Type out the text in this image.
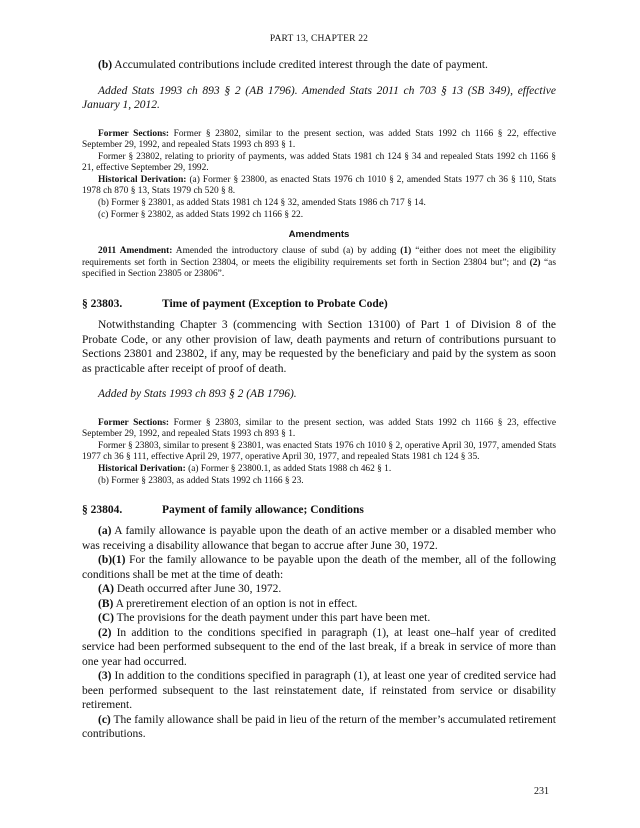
PART 13, CHAPTER 22

(b) Accumulated contributions include credited interest through the date of payment.

Added Stats 1993 ch 893 § 2 (AB 1796). Amended Stats 2011 ch 703 § 13 (SB 349), effective January 1, 2012.

Former Sections: Former § 23802, similar to the present section, was added Stats 1992 ch 1166 § 22, effective September 29, 1992, and repealed Stats 1993 ch 893 § 1.

Former § 23802, relating to priority of payments, was added Stats 1981 ch 124 § 34 and repealed Stats 1992 ch 1166 § 21, effective September 29, 1992.

Historical Derivation: (a) Former § 23800, as enacted Stats 1976 ch 1010 § 2, amended Stats 1977 ch 36 § 110, Stats 1978 ch 870 § 13, Stats 1979 ch 520 § 8.

(b) Former § 23801, as added Stats 1981 ch 124 § 32, amended Stats 1986 ch 717 § 14.

(c) Former § 23802, as added Stats 1992 ch 1166 § 22.

Amendments

2011 Amendment: Amended the introductory clause of subd (a) by adding (1) “either does not meet the eligibility requirements set forth in Section 23804, or meets the eligibility requirements set forth in Section 23804 but”; and (2) “as specified in Section 23805 or 23806”.

§ 23803.	Time of payment (Exception to Probate Code)

Notwithstanding Chapter 3 (commencing with Section 13100) of Part 1 of Division 8 of the Probate Code, or any other provision of law, death payments and return of contributions pursuant to Sections 23801 and 23802, if any, may be requested by the beneficiary and paid by the system as soon as practicable after receipt of proof of death.

Added by Stats 1993 ch 893 § 2 (AB 1796).

Former Sections: Former § 23803, similar to the present section, was added Stats 1992 ch 1166 § 23, effective September 29, 1992, and repealed Stats 1993 ch 893 § 1.

Former § 23803, similar to present § 23801, was enacted Stats 1976 ch 1010 § 2, operative April 30, 1977, amended Stats 1977 ch 36 § 111, effective April 29, 1977, operative April 30, 1977, and repealed Stats 1981 ch 124 § 35.

Historical Derivation: (a) Former § 23800.1, as added Stats 1988 ch 462 § 1.

(b) Former § 23803, as added Stats 1992 ch 1166 § 23.

§ 23804.	Payment of family allowance; Conditions

(a) A family allowance is payable upon the death of an active member or a disabled member who was receiving a disability allowance that began to accrue after June 30, 1972.

(b)(1) For the family allowance to be payable upon the death of the member, all of the following conditions shall be met at the time of death:

(A) Death occurred after June 30, 1972.

(B) A preretirement election of an option is not in effect.

(C) The provisions for the death payment under this part have been met.

(2) In addition to the conditions specified in paragraph (1), at least one–half year of credited service had been performed subsequent to the end of the last break, if a break in service of more than one year had occurred.

(3) In addition to the conditions specified in paragraph (1), at least one year of credited service had been performed subsequent to the last reinstatement date, if reinstated from service or disability retirement.

(c) The family allowance shall be paid in lieu of the return of the member’s accumulated retirement contributions.

231
